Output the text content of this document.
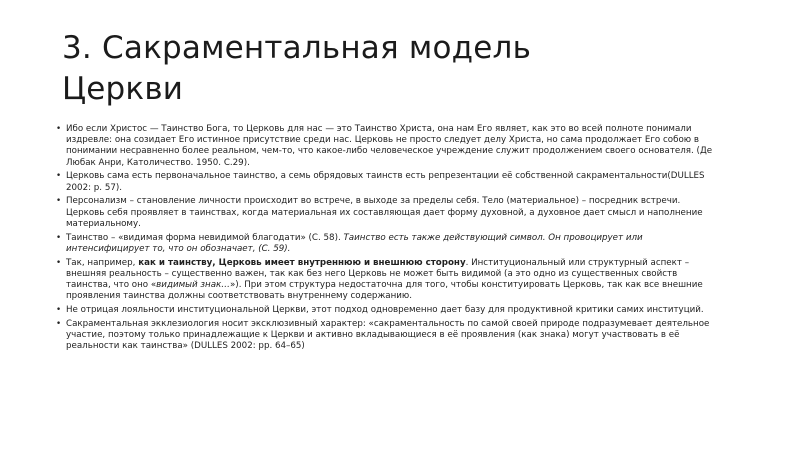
3. Сакраментальная модель
Церкви
• Ибо если Христос — Таинство Бога, то Церковь для нас — это Таинство Христа, она нам Его являет, как это во всей полноте понимали издревле: она созидает Его истинное присутствие среди нас. Церковь не просто следует делу Христа, но сама продолжает Его собою в понимании несравненно более реальном, чем-то, что какое-либо человеческое учреждение служит продолжением своего основателя. (Де Любак Анри, Католичество. 1950. С.29).
• Церковь сама есть первоначальное таинство, а семь обрядовых таинств есть репрезентации её собственной сакраментальности(DULLES 2002: p. 57).
• Персонализм – становление личности происходит во встрече, в выходе за пределы себя. Тело (материальное) – посредник встречи. Церковь себя проявляет в таинствах, когда материальная их составляющая дает форму духовной, а духовное дает смысл и наполнение материальному.
• Таинство – «видимая форма невидимой благодати» (С. 58). Таинство есть также действующий символ. Он провоцирует или интенсифицирует то, что он обозначает, (С. 59).
• Так, например, как и таинству, Церковь имеет внутреннюю и внешнюю сторону. Институциональный или структурный аспект – внешняя реальность – существенно важен, так как без него Церковь не может быть видимой (а это одно из существенных свойств таинства, что оно «видимый знак…»). При этом структура недостаточна для того, чтобы конституировать Церковь, так как все внешние проявления таинства должны соответствовать внутреннему содержанию.
• Не отрицая лояльности институциональной Церкви, этот подход одновременно дает базу для продуктивной критики самих институций.
• Сакраментальная экклезиология носит эксклюзивный характер: «сакраментальность по самой своей природе подразумевает деятельное участие, поэтому только принадлежащие к Церкви и активно вкладывающиеся в её проявления (как знака) могут участвовать в её реальности как таинства» (DULLES 2002: pp. 64–65)
